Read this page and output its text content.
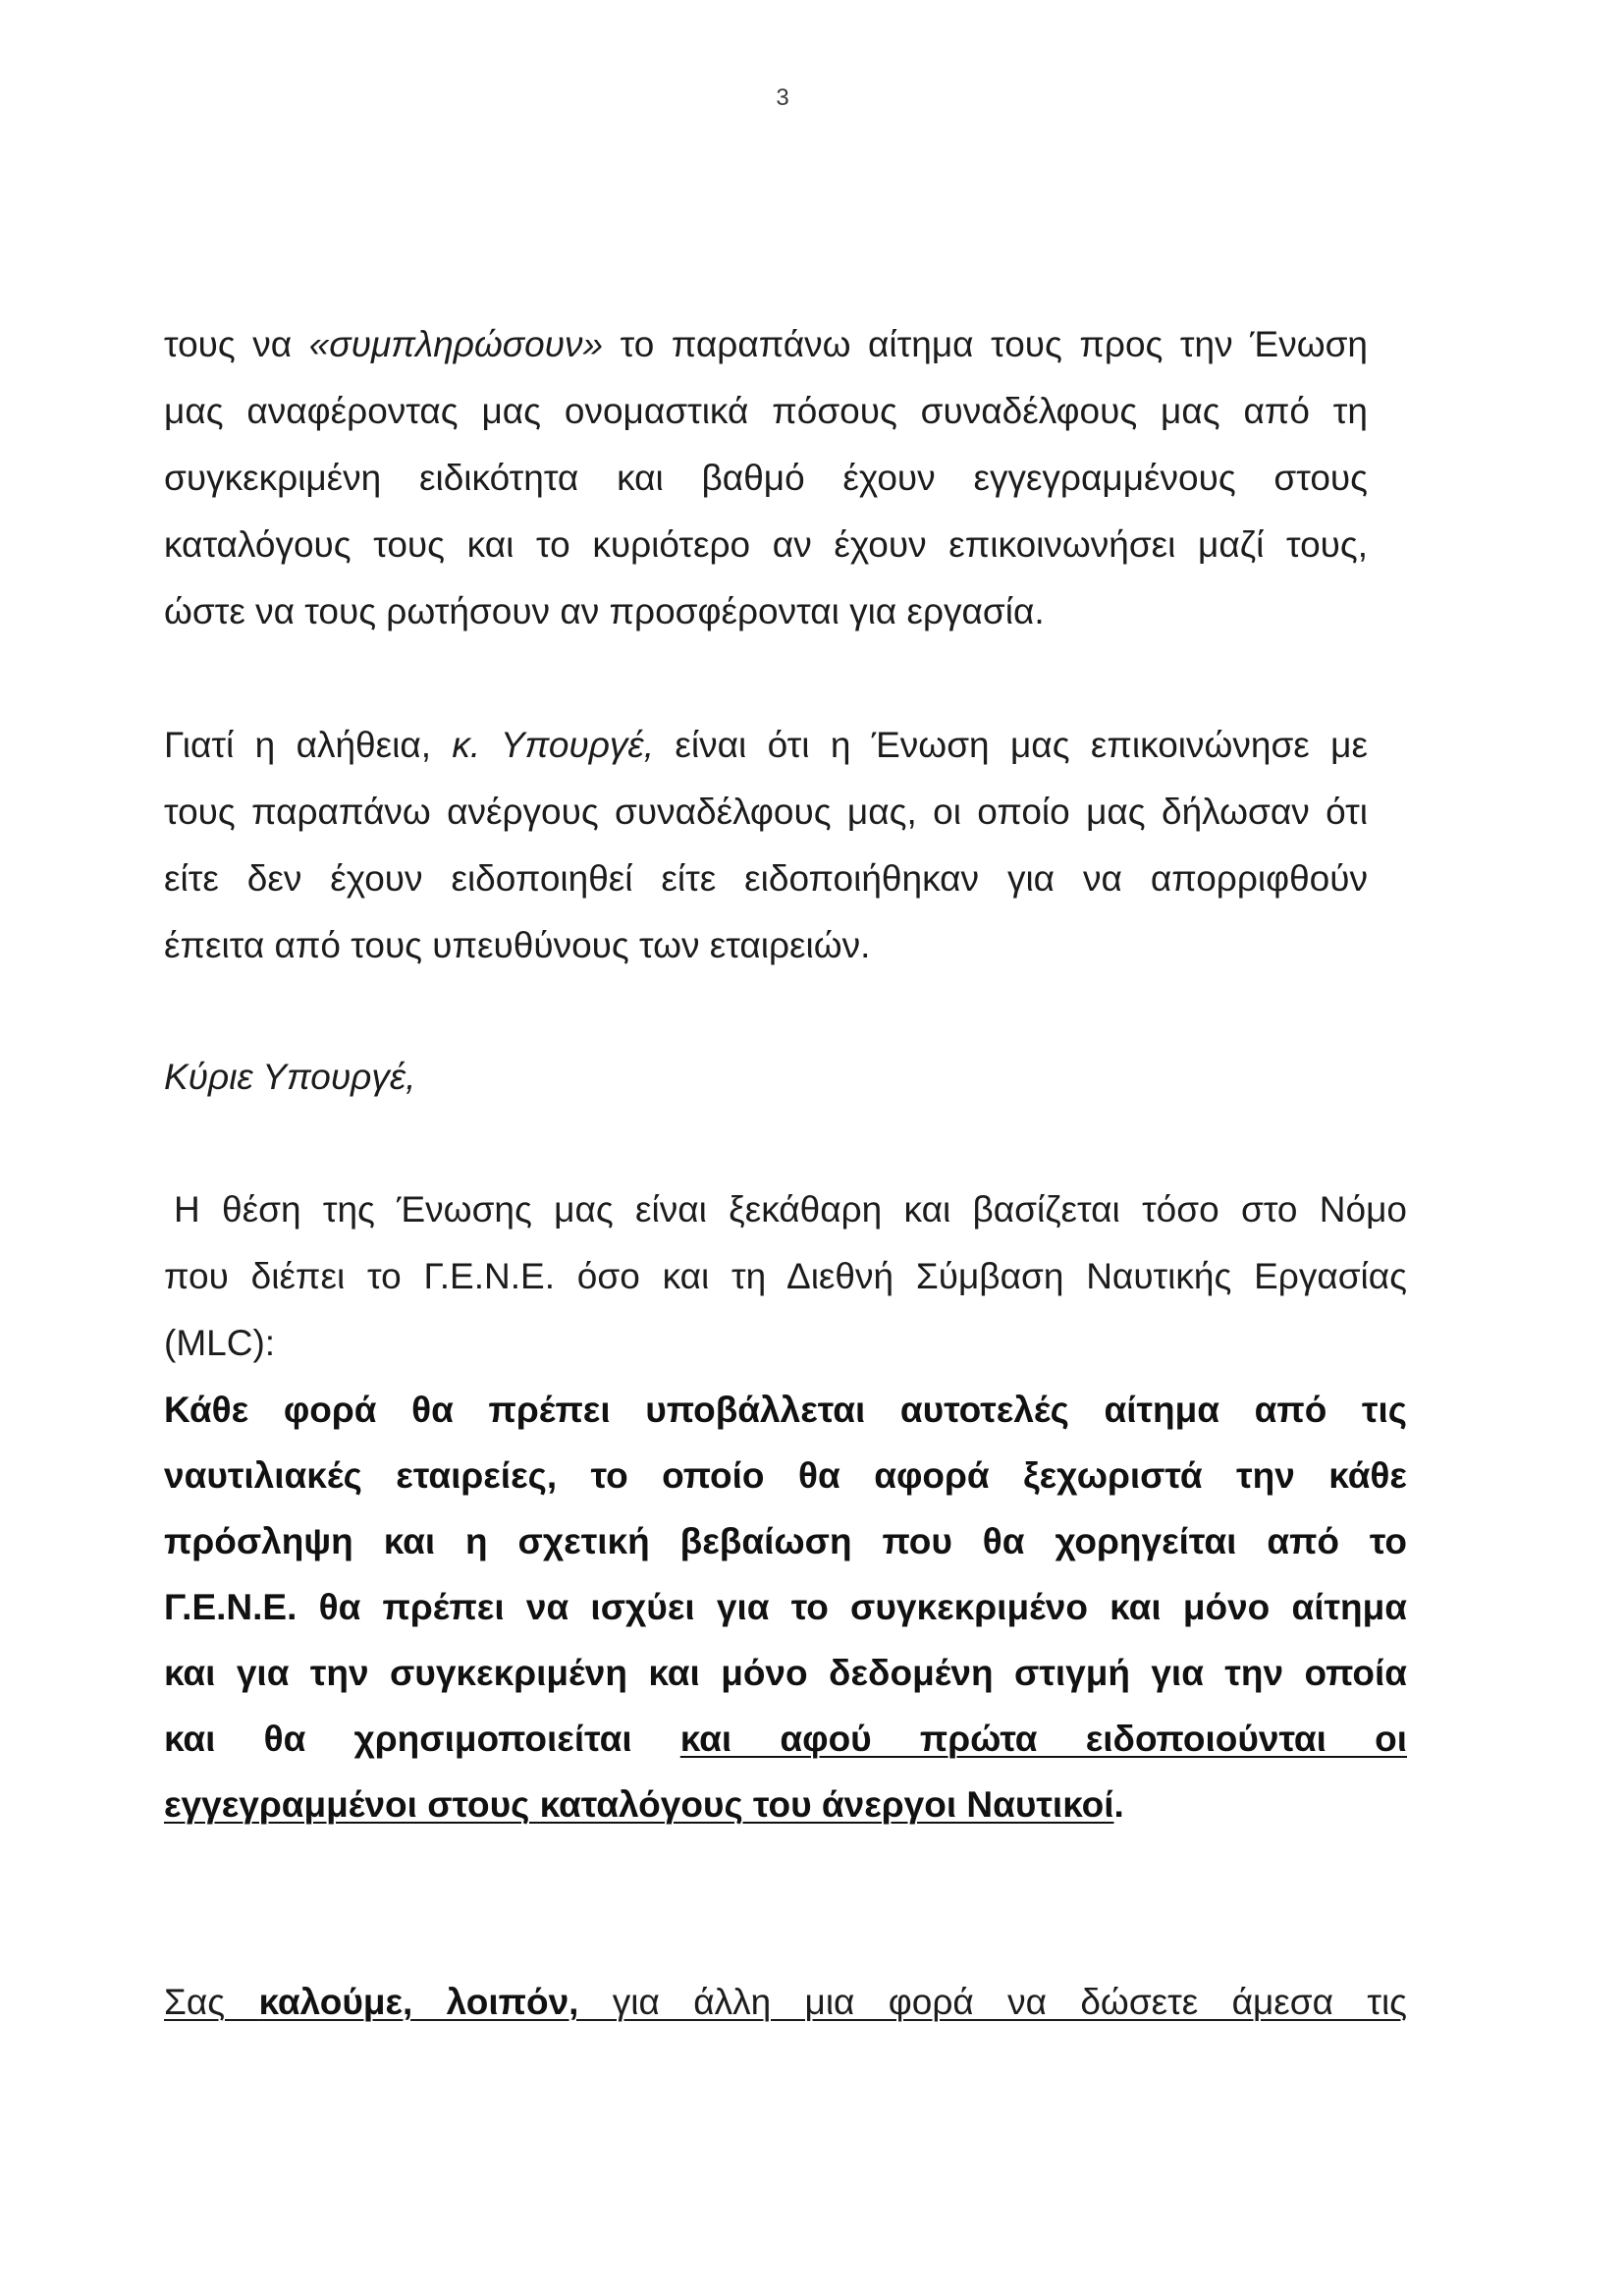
3
τους να «συμπληρώσουν» το παραπάνω αίτημα τους προς την Ένωση
μας αναφέροντας μας ονομαστικά πόσους συναδέλφους μας από τη
συγκεκριμένη ειδικότητα και βαθμό έχουν εγγεγραμμένους στους
καταλόγους τους και το κυριότερο αν έχουν επικοινωνήσει μαζί τους,
ώστε να τους ρωτήσουν αν προσφέρονται για εργασία.
Γιατί η αλήθεια, κ. Υπουργέ, είναι ότι η Ένωση μας επικοινώνησε με
τους παραπάνω ανέργους συναδέλφους μας, οι οποίο μας δήλωσαν ότι
είτε δεν έχουν ειδοποιηθεί είτε ειδοποιήθηκαν για να απορριφθούν
έπειτα από τους υπευθύνους των εταιρειών.
Κύριε Υπουργέ,
Η θέση της Ένωσης μας είναι ξεκάθαρη και βασίζεται τόσο στο Νόμο
που διέπει το Γ.Ε.Ν.Ε. όσο και τη Διεθνή Σύμβαση Ναυτικής Εργασίας
(MLC):
Κάθε φορά θα πρέπει υποβάλλεται αυτοτελές αίτημα από τις
ναυτιλιακές εταιρείες, το οποίο θα αφορά ξεχωριστά την κάθε
πρόσληψη και η σχετική βεβαίωση που θα χορηγείται από το
Γ.Ε.Ν.Ε. θα πρέπει να ισχύει για το συγκεκριμένο και μόνο αίτημα
και για την συγκεκριμένη και μόνο δεδομένη στιγμή για την οποία
και θα χρησιμοποιείται και αφού πρώτα ειδοποιούνται οι
εγγεγραμμένοι στους καταλόγους του άνεργοι Ναυτικοί.
Σας καλούμε, λοιπόν, για άλλη μια φορά να δώσετε άμεσα τις
